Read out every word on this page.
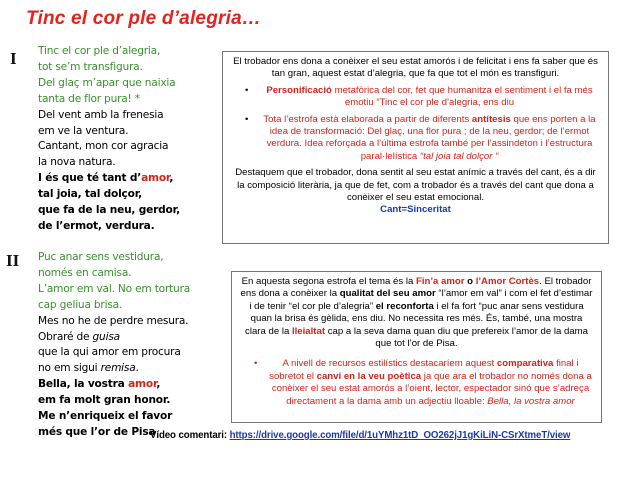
Tinc el cor ple d’alegria…
I Tinc el cor ple d’alegria,
tot se’m transfigura.
Del glaç m’apar que naixia
tanta de flor pura! *
Del vent amb la frenesia
em ve la ventura.
Cantant, mon cor agracia
la nova natura.
I és que té tant d’amor,
tal joia, tal dolçor,
que fa de la neu, gerdor,
de l’ermot, verdura.
II Puc anar sens vestidura,
només en camisa.
L’amor em val. No em tortura
cap geliua brisa.
Mes no he de perdre mesura.
Obraré de guisa
que la qui amor em procura
no em sigui remisa.
Bella, la vostra amor,
em fa molt gran honor.
Me n’enriqueix el favor
més que l’or de Pisa

El trobador ens dona a conèixer el seu estat amorós i de felicitat i ens fa saber que és tan gran, aquest estat d’alegria, que fa que tot el món es transfiguri.

• Personificació metafòrica del cor, fet que humanitza el sentiment i el fa més emotiu “Tinc el cor ple d’alegria, ens diu

• Tota l’estrofa està elaborada a partir de diferents antítesis que ens porten a la idea de transformació: Del glaç, una flor pura ; de la neu, gerdor; de l’ermot verdura. Idea reforçada a l’última estrofa també per l’assindeton i l’estructura paral·lelística “tal joia tal dolçor “

Destaquem que el trobador, dona sentit al seu estat anímic a través del cant, és a dir la composició literària, ja que de fet, com a trobador és a través del cant que dona a conèixer el seu estat emocional.

Cant=Sinceritat

En aquesta segona estrofa el tema és la Fin’a amor o l’Amor Cortès. El trobador ens dona a conèixer la qualitat del seu amor “l’amor em val” i com el fet d’estimar i de tenir “el cor ple d’alegria” el reconforta i el fa fort “puc anar sens vestidura quan la brisa és gèlida, ens diu. No necessita res més. És, també, una mostra clara de la lleialtat cap a la seva dama quan diu que prefereix l’amor de la dama que tot l’or de Pisa.

•	A nivell de recursos estilístics destacaríem aquest comparativa final i sobretot el canvi en la veu poètica ja que ara el trobador no només dona a conèixer el seu estat amorós a l’oient, lector, espectador sinó que s’adreça directament a la dama amb un adjectiu lloable: Bella, la vostra amor

Vídeo comentari: https://drive.google.com/file/d/1uYMhz1tD_OO262jJ1gKiLiN-CSrXtmeT/view
